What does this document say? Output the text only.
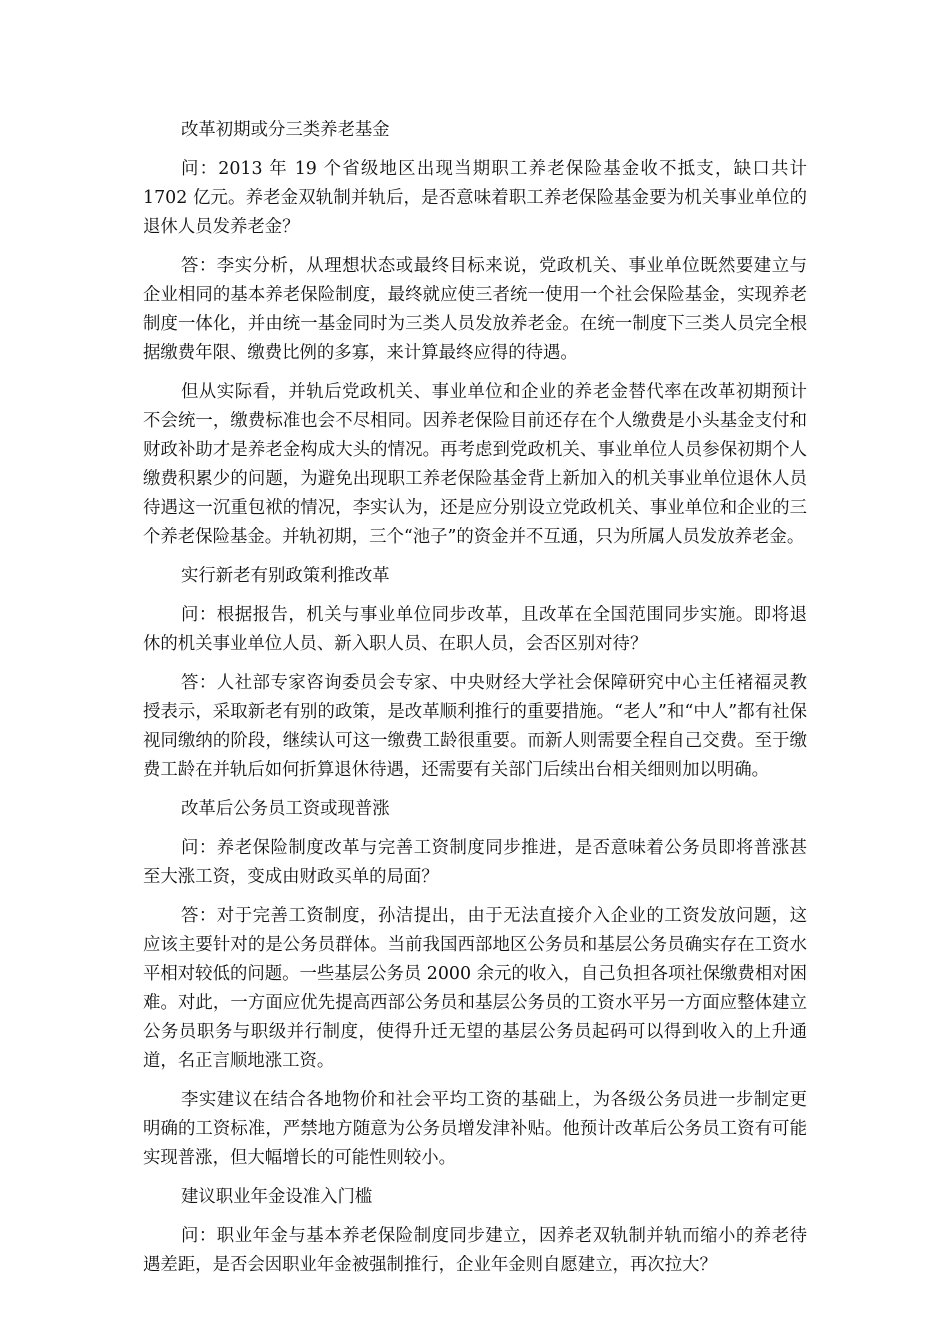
改革初期或分三类养老基金

问：2013 年 19 个省级地区出现当期职工养老保险基金收不抵支，缺口共计 1702 亿元。养老金双轨制并轨后，是否意味着职工养老保险基金要为机关事业单位的退休人员发养老金？

答：李实分析，从理想状态或最终目标来说，党政机关、事业单位既然要建立与企业相同的基本养老保险制度，最终就应使三者统一使用一个社会保险基金，实现养老制度一体化，并由统一基金同时为三类人员发放养老金。在统一制度下三类人员完全根据缴费年限、缴费比例的多寡，来计算最终应得的待遇。

但从实际看，并轨后党政机关、事业单位和企业的养老金替代率在改革初期预计不会统一，缴费标准也会不尽相同。因养老保险目前还存在个人缴费是小头基金支付和财政补助才是养老金构成大头的情况。再考虑到党政机关、事业单位人员参保初期个人缴费积累少的问题，为避免出现职工养老保险基金背上新加入的机关事业单位退休人员待遇这一沉重包袱的情况，李实认为，还是应分别设立党政机关、事业单位和企业的三个养老保险基金。并轨初期，三个“池子”的资金并不互通，只为所属人员发放养老金。

实行新老有别政策利推改革

问：根据报告，机关与事业单位同步改革，且改革在全国范围同步实施。即将退休的机关事业单位人员、新入职人员、在职人员，会否区别对待？

答：人社部专家咨询委员会专家、中央财经大学社会保障研究中心主任褚福灵教授表示，采取新老有别的政策，是改革顺利推行的重要措施。“老人”和“中人”都有社保视同缴纳的阶段，继续认可这一缴费工龄很重要。而新人则需要全程自己交费。至于缴费工龄在并轨后如何折算退休待遇，还需要有关部门后续出台相关细则加以明确。

改革后公务员工资或现普涨

问：养老保险制度改革与完善工资制度同步推进，是否意味着公务员即将普涨甚至大涨工资，变成由财政买单的局面？

答：对于完善工资制度，孙洁提出，由于无法直接介入企业的工资发放问题，这应该主要针对的是公务员群体。当前我国西部地区公务员和基层公务员确实存在工资水平相对较低的问题。一些基层公务员 2000 余元的收入，自己负担各项社保缴费相对困难。对此，一方面应优先提高西部公务员和基层公务员的工资水平另一方面应整体建立公务员职务与职级并行制度，使得升迁无望的基层公务员起码可以得到收入的上升通道，名正言顺地涨工资。

李实建议在结合各地物价和社会平均工资的基础上，为各级公务员进一步制定更明确的工资标准，严禁地方随意为公务员增发津补贴。他预计改革后公务员工资有可能实现普涨，但大幅增长的可能性则较小。

建议职业年金设准入门槛

问：职业年金与基本养老保险制度同步建立，因养老双轨制并轨而缩小的养老待遇差距，是否会因职业年金被强制推行，企业年金则自愿建立，再次拉大？
